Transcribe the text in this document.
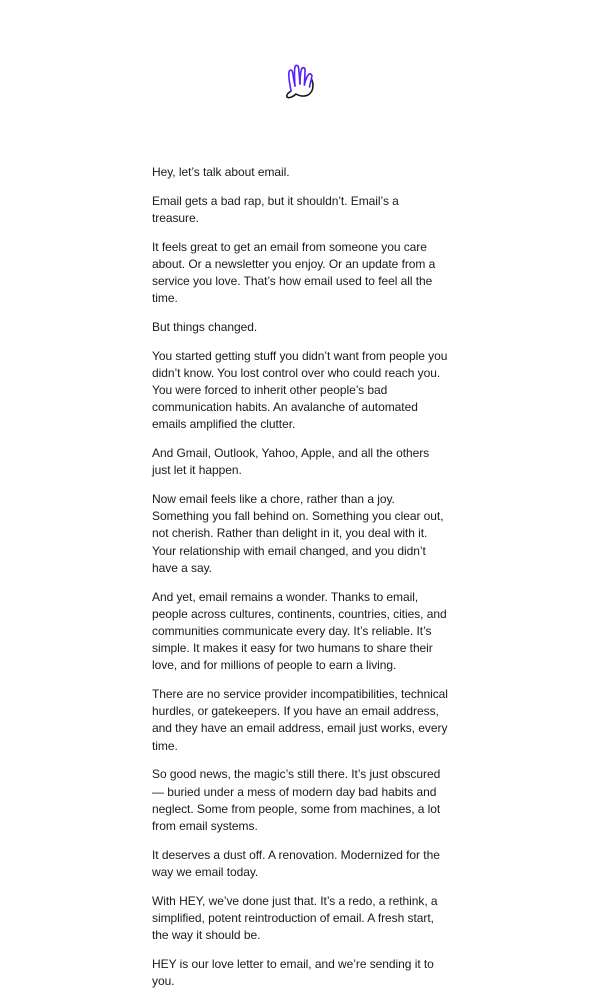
Hey, let’s talk about email.

Email gets a bad rap, but it shouldn’t. Email’s a treasure.

It feels great to get an email from someone you care about. Or a newsletter you enjoy. Or an update from a service you love. That’s how email used to feel all the time.

But things changed.

You started getting stuff you didn’t want from people you didn’t know. You lost control over who could reach you. You were forced to inherit other people’s bad communication habits. An avalanche of automated emails amplified the clutter.

And Gmail, Outlook, Yahoo, Apple, and all the others just let it happen.

Now email feels like a chore, rather than a joy. Something you fall behind on. Something you clear out, not cherish. Rather than delight in it, you deal with it. Your relationship with email changed, and you didn’t have a say.

And yet, email remains a wonder. Thanks to email, people across cultures, continents, countries, cities, and communities communicate every day. It’s reliable. It’s simple. It makes it easy for two humans to share their love, and for millions of people to earn a living.

There are no service provider incompatibilities, technical hurdles, or gatekeepers. If you have an email address, and they have an email address, email just works, every time.

So good news, the magic’s still there. It’s just obscured — buried under a mess of modern day bad habits and neglect. Some from people, some from machines, a lot from email systems.

It deserves a dust off. A renovation. Modernized for the way we email today.

With HEY, we’ve done just that. It’s a redo, a rethink, a simplified, potent reintroduction of email. A fresh start, the way it should be.

HEY is our love letter to email, and we’re sending it to you.
